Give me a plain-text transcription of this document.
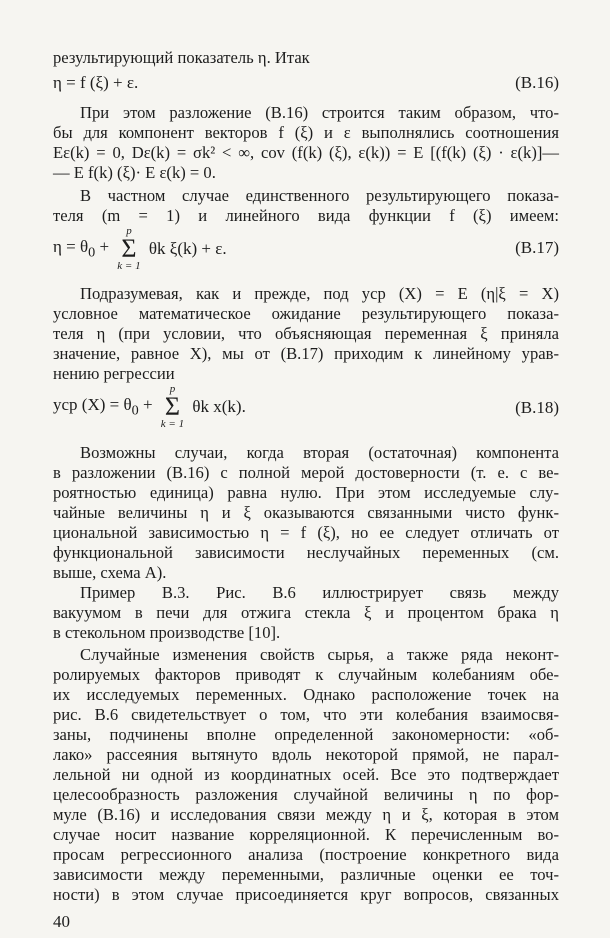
результирующий показатель η. Итак
η = f (ξ) + ε.	(В.16)
При этом разложение (В.16) строится таким образом, что-
бы для компонент векторов f (ξ) и ε выполнялись соотношения
Eε(k) = 0, Dε(k) = σk² < ∞, cov (f(k) (ξ), ε(k)) = E [(f(k) (ξ) · ε(k)]—
— E f(k) (ξ)· E ε(k) = 0.
В частном случае единственного результирующего показа-
теля (m = 1) и линейного вида функции f (ξ) имеем:
$\eta = \theta_0$ +
p
Σ
k = 1
θk ξ(k) + ε.	(В.17)
Подразумевая, как и прежде, под yср (X) = E (η|ξ = X)
условное математическое ожидание результирующего показа-
теля η (при условии, что объясняющая переменная ξ приняла
значение, равное X), мы от (В.17) приходим к линейному урав-
нению регрессии
yср $(X) = \theta_0$ +
p
Σ
k = 1
θk x(k).	(В.18)
Возможны случаи, когда вторая (остаточная) компонента
в разложении (В.16) с полной мерой достоверности (т. е. с ве-
роятностью единица) равна нулю. При этом исследуемые слу-
чайные величины η и ξ оказываются связанными чисто функ-
циональной зависимостью η = f (ξ), но ее следует отличать от
функциональной зависимости неслучайных переменных (см.
выше, схема A).
Пример В.3. Рис. В.6 иллюстрирует связь между
вакуумом в печи для отжига стекла ξ и процентом брака η
в стекольном производстве [10].
Случайные изменения свойств сырья, а также ряда неконт-
ролируемых факторов приводят к случайным колебаниям обе-
их исследуемых переменных. Однако расположение точек на
рис. В.6 свидетельствует о том, что эти колебания взаимосвя-
заны, подчинены вполне определенной закономерности: «об-
лако» рассеяния вытянуто вдоль некоторой прямой, не парал-
лельной ни одной из координатных осей. Все это подтверждает
целесообразность разложения случайной величины η по фор-
муле (В.16) и исследования связи между η и ξ, которая в этом
случае носит название корреляционной. К перечисленным во-
просам регрессионного анализа (построение конкретного вида
зависимости между переменными, различные оценки ее точ-
ности) в этом случае присоединяется круг вопросов, связанных
40
